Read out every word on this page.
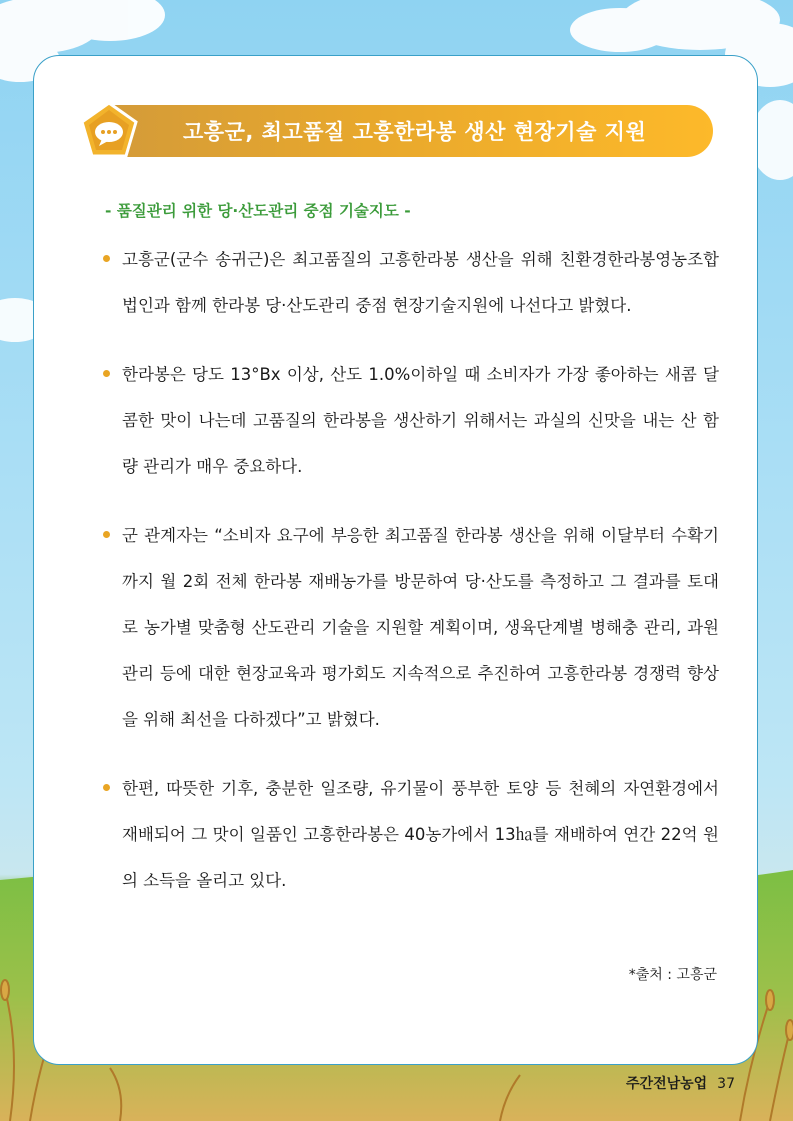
고흥군, 최고품질 고흥한라봉 생산 현장기술 지원
- 품질관리 위한 당·산도관리 중점 기술지도 -

고흥군(군수 송귀근)은 최고품질의 고흥한라봉 생산을 위해 친환경한라봉영농조합법인과 함께 한라봉 당·산도관리 중점 현장기술지원에 나선다고 밝혔다.

한라봉은 당도 13°Bx 이상, 산도 1.0%이하일 때 소비자가 가장 좋아하는 새콤 달콤한 맛이 나는데 고품질의 한라봉을 생산하기 위해서는 과실의 신맛을 내는 산 함량 관리가 매우 중요하다.

군 관계자는 “소비자 요구에 부응한 최고품질 한라봉 생산을 위해 이달부터 수확기까지 월 2회 전체 한라봉 재배농가를 방문하여 당·산도를 측정하고 그 결과를 토대로 농가별 맞춤형 산도관리 기술을 지원할 계획이며, 생육단계별 병해충 관리, 과원 관리 등에 대한 현장교육과 평가회도 지속적으로 추진하여 고흥한라봉 경쟁력 향상을 위해 최선을 다하겠다”고 밝혔다.

한편, 따뜻한 기후, 충분한 일조량, 유기물이 풍부한 토양 등 천혜의 자연환경에서 재배되어 그 맛이 일품인 고흥한라봉은 40농가에서 13㏊를 재배하여 연간 22억 원의 소득을 올리고 있다.

*출처 : 고흥군
주간전남농업 37
